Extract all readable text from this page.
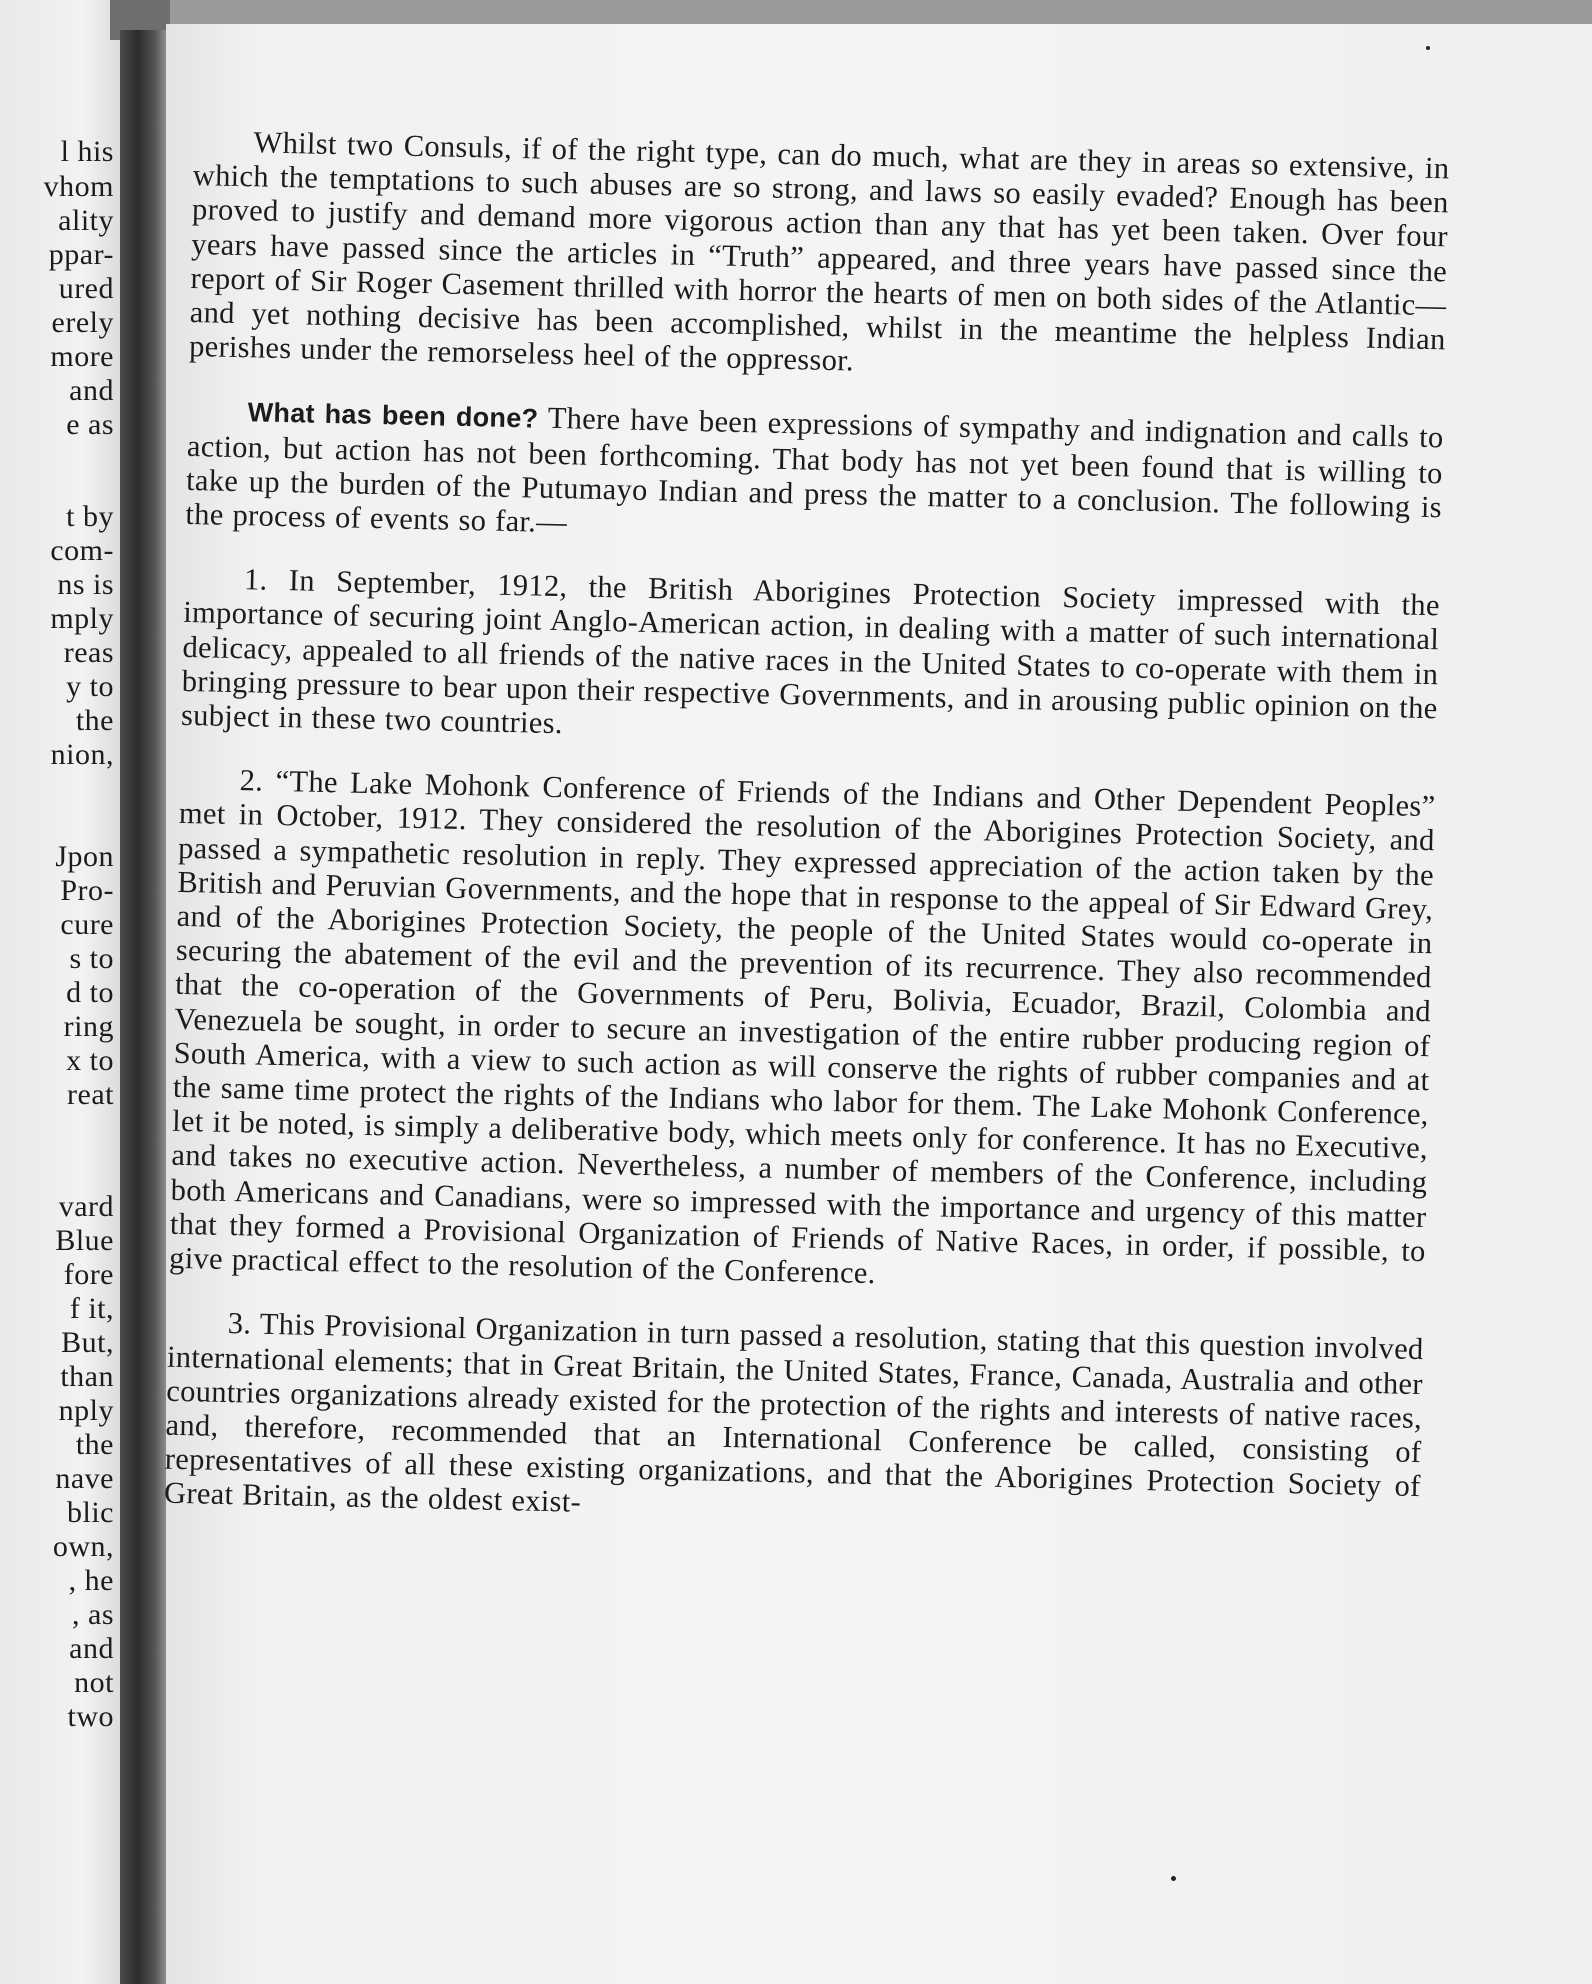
l his
vhom
ality
ppar-
ured
erely
more
and
e as
t by
com-
ns is
mply
reas
y to
the
nion,
Jpon
Pro-
cure
s to
d to
ring
x to
reat
vard
Blue
fore
f it,
But,
than
nply
the
nave
blic
own,
, he
, as
and
not
two

Whilst two Consuls, if of the right type, can do much, what are they in areas so extensive, in which the temptations to such abuses are so strong, and laws so easily evaded? Enough has been proved to justify and demand more vigorous action than any that has yet been taken. Over four years have passed since the articles in “Truth” appeared, and three years have passed since the report of Sir Roger Casement thrilled with horror the hearts of men on both sides of the Atlantic—and yet nothing decisive has been accomplished, whilst in the meantime the helpless Indian perishes under the remorseless heel of the oppressor.

What has been done? There have been expressions of sympathy and indignation and calls to action, but action has not been forthcoming. That body has not yet been found that is willing to take up the burden of the Putumayo Indian and press the matter to a conclusion. The following is the process of events so far.—

1. In September, 1912, the British Aborigines Protection Society impressed with the importance of securing joint Anglo-American action, in dealing with a matter of such international delicacy, appealed to all friends of the native races in the United States to co-operate with them in bringing pressure to bear upon their respective Governments, and in arousing public opinion on the subject in these two countries.

2. “The Lake Mohonk Conference of Friends of the Indians and Other Dependent Peoples” met in October, 1912. They considered the resolution of the Aborigines Protection Society, and passed a sympathetic resolution in reply. They expressed appreciation of the action taken by the British and Peruvian Governments, and the hope that in response to the appeal of Sir Edward Grey, and of the Aborigines Protection Society, the people of the United States would co-operate in securing the abatement of the evil and the prevention of its recurrence. They also recommended that the co-operation of the Governments of Peru, Bolivia, Ecuador, Brazil, Colombia and Venezuela be sought, in order to secure an investigation of the entire rubber producing region of South America, with a view to such action as will conserve the rights of rubber companies and at the same time protect the rights of the Indians who labor for them. The Lake Mohonk Conference, let it be noted, is simply a deliberative body, which meets only for conference. It has no Executive, and takes no executive action. Nevertheless, a number of members of the Conference, including both Americans and Canadians, were so impressed with the importance and urgency of this matter that they formed a Provisional Organization of Friends of Native Races, in order, if possible, to give practical effect to the resolution of the Conference.

3. This Provisional Organization in turn passed a resolution, stating that this question involved international elements; that in Great Britain, the United States, France, Canada, Australia and other countries organizations already existed for the protection of the rights and interests of native races, and, therefore, recommended that an International Conference be called, consisting of representatives of all these existing organizations, and that the Aborigines Protection Society of Great Britain, as the oldest exist-
